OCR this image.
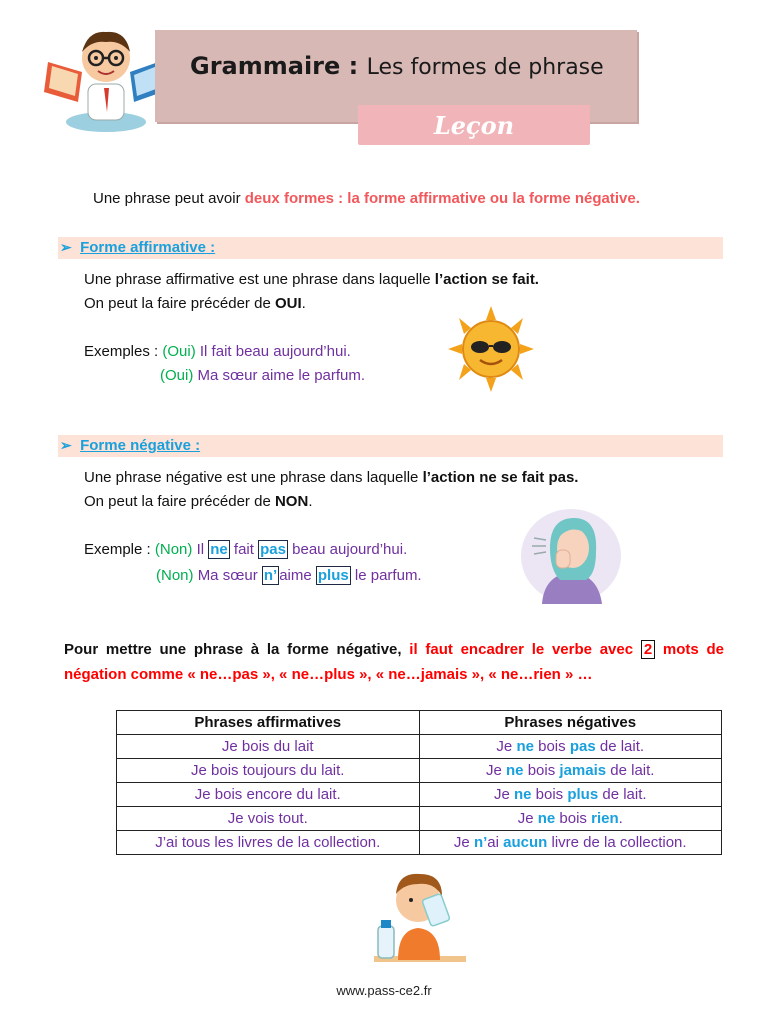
Grammaire : Les formes de phrase
Leçon
Une phrase peut avoir deux formes : la forme affirmative ou la forme négative.
➢ Forme affirmative :
Une phrase affirmative est une phrase dans laquelle l’action se fait.
On peut la faire précéder de OUI.
Exemples : (Oui) Il fait beau aujourd’hui.
(Oui) Ma sœur aime le parfum.
➢ Forme négative :
Une phrase négative est une phrase dans laquelle l’action ne se fait pas.
On peut la faire précéder de NON.
Exemple : (Non) Il ne fait pas beau aujourd’hui.
(Non) Ma sœur n’ aime plus le parfum.
Pour mettre une phrase à la forme négative, il faut encadrer le verbe avec 2 mots de négation comme « ne…pas », « ne…plus », « ne…jamais », « ne…rien » …
Phrases affirmatives	Phrases négatives
Je bois du lait	Je ne bois pas de lait.
Je bois toujours du lait.	Je ne bois jamais de lait.
Je bois encore du lait.	Je ne bois plus de lait.
Je vois tout.	Je ne bois rien.
J’ai tous les livres de la collection.	Je n’ai aucun livre de la collection.
www.pass-ce2.fr
